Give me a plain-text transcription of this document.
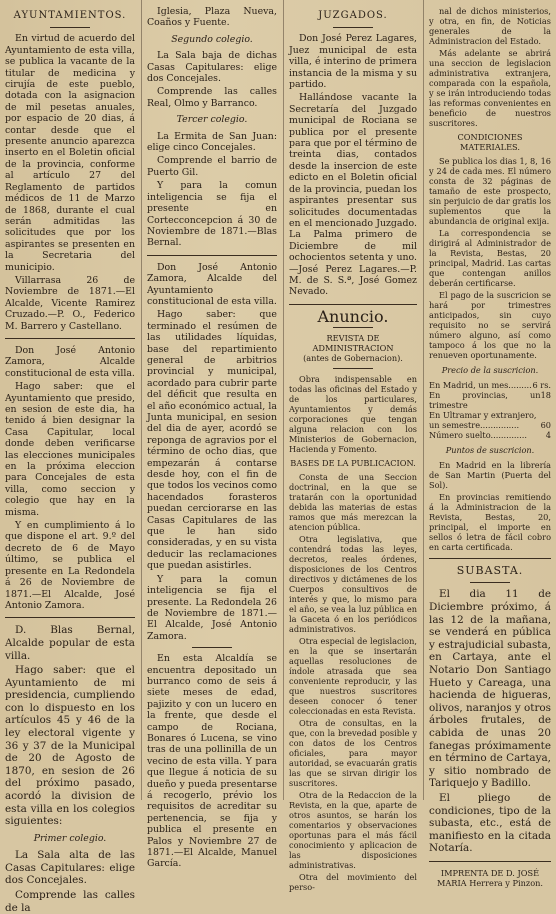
AYUNTAMIENTOS.

En virtud de acuerdo del Ayuntamiento de esta villa, se publica la vacante de la titular de medicina y cirujía de este pueblo, dotada con la asignacion de mil pesetas anuales, por espacio de 20 dias, á contar desde que el presente anuncio aparezca inserto en el Boletin oficial de la provincia, conforme al artículo 27 del Reglamento de partidos médicos de 11 de Marzo de 1868, durante el cual serán admitidas las solicitudes que por los aspirantes se presenten en la Secretaria del municipio.

Villarrasa 26 de Noviembre de 1871.—El Alcalde, Vicente Ramirez Cruzado.—P. O., Federico M. Barrero y Castellano.

Don José Antonio Zamora, Alcalde constitucional de esta villa.

Hago saber: que el Ayuntamiento que presido, en sesion de este dia, ha tenido á bien designar la Casa Capitular, local donde deben verificarse las elecciones municipales en la próxima eleccion para Concejales de esta villa, como seccion y colegio que hay en la misma.

Y en cumplimiento á lo que dispone el art. 9.º del decreto de 6 de Mayo último, se publica el presente en La Redondela á 26 de Noviembre de 1871.—El Alcalde, José Antonio Zamora.

D. Blas Bernal, Alcalde popular de esta villa.

Hago saber: que el Ayuntamiento de mi presidencia, cumpliendo con lo dispuesto en los artículos 45 y 46 de la ley electoral vigente y 36 y 37 de la Municipal de 20 de Agosto de 1870, en sesion de 26 del próximo pasado, acordó la division de esta villa en los colegios siguientes:

Primer colegio.

La Sala alta de las Casas Capitulares: elige dos Concejales.

Comprende las calles de la

Iglesia, Plaza Nueva, Coaños y Fuente.

Segundo colegio.

La Sala baja de dichas Casas Capitulares: elige dos Concejales.

Comprende las calles Real, Olmo y Barranco.

Tercer colegio.

La Ermita de San Juan: elige cinco Concejales.

Comprende el barrio de Puerto Gil.

Y para la comun inteligencia se fija el presente en Cortecconcepcion á 30 de Noviembre de 1871.—Blas Bernal.

Don José Antonio Zamora, Alcalde del Ayuntamiento constitucional de esta villa.

Hago saber: que terminado el resúmen de las utilidades líquidas, base del repartimiento general de arbitrios provincial y municipal, acordado para cubrir parte del déficit que resulta en el año económico actual, la Junta municipal, en sesion del dia de ayer, acordó se reponga de agravios por el término de ocho dias, que empezarán á contarse desde hoy, con el fin de que todos los vecinos como hacendados forasteros puedan cerciorarse en las Casas Capitulares de las que le han sido consideradas, y en su vista deducir las reclamaciones que puedan asistirles.

Y para la comun inteligencia se fija el presente. La Redondela 26 de Noviembre de 1871.—El Alcalde, José Antonio Zamora.

En esta Alcaldía se encuentra depositado un burranco como de seis á siete meses de edad, pajizito y con un lucero en la frente, que desde el campo de Rociana, Bonares ó Lucena, se vino tras de una pollinilla de un vecino de esta villa. Y para que llegue á noticia de su dueño y pueda presentarse á recogerlo, prévio los requisitos de acreditar su pertenencia, se fija y publica el presente en Palos y Noviembre 27 de 1871.—El Alcalde, Manuel García.

JUZGADOS.

Don José Perez Lagares, Juez municipal de esta villa, é interino de primera instancia de la misma y su partido.

Hallándose vacante la Secretaría del Juzgado municipal de Rociana se publica por el presente para que por el término de treinta dias, contados desde la insercion de este edicto en el Boletin oficial de la provincia, puedan los aspirantes presentar sus solicitudes documentadas en el mencionado Juzgado. La Palma primero de Diciembre de mil ochocientos setenta y uno.—José Perez Lagares.—P. M. de S. S.ª, José Gomez Nevado.

Anuncio.
REVISTA DE ADMINISTRACION
(antes de Gobernacion).

Obra indispensable en todas las oficinas del Estado y de los particulares, Ayuntamientos y demás corporaciones que tengan alguna relacion con los Ministerios de Gobernacion, Hacienda y Fomento.

BASES DE LA PUBLICACION.

Consta de una Seccion doctrinal, en la que se tratarán con la oportunidad debida las materias de estas ramos que más merezcan la atencion pública.

Otra legislativa, que contendrá todas las leyes, decretos, reales órdenes, disposiciones de los Centros directivos y dictámenes de los Cuerpos consultivos de interés y que, lo mismo para el año, se vea la luz pública en la Gaceta ó en los periódicos administrativos.

Otra especial de legislacion, en la que se insertarán aquellas resoluciones de índole atrasada que sea conveniente reproducir, y las que nuestros suscritores deseen conocer ó tener coleccionadas en esta Revista.

Otra de consultas, en la que, con la brevedad posible y con datos de los Centros oficiales, para mayor autoridad, se evacuarán gratis las que se sirvan dirigir los suscritores.

Otra de la Redaccion de la Revista, en la que, aparte de otros asuntos, se harán los comentarios y observaciones oportunas para el más fácil conocimiento y aplicacion de las disposiciones administrativas.

Otra del movimiento del perso-

nal de dichos ministerios, y otra, en fin, de Noticias generales de la Administracion del Estado.

Más adelante se abrirá una seccion de legislacion administrativa extranjera, comparada con la española, y se irán introduciendo todas las reformas convenientes en beneficio de nuestros suscritores.

CONDICIONES MATERIALES.

Se publica los dias 1, 8, 16 y 24 de cada mes. El número consta de 32 páginas de tamaño de este prospecto, sin perjuicio de dar gratis los suplementos que la abundancia de original exija.

La correspondencia se dirigirá al Administrador de la Revista, Bestas, 20 principal, Madrid. Las cartas que contengan anillos deberán certificarse.

El pago de la suscricion se hará por trimestres anticipados, sin cuyo requisito no se servirá número alguno, así como tampoco á los que no la renueven oportunamente.

Precio de la suscricion.
En Madrid, un mes......... 6 rs.
En provincias, un trimestre
18
En Ultramar y extranjero,
un semestre...............	60
Número suelto.............. 4
Puntos de suscricion.

En Madrid en la librería de San Martin (Puerta del Sol).

En provincias remitiendo á la Administracion de la Revista, Bestas, 20, principal, el importe en sellos ó letra de fácil cobro en carta certificada.

SUBASTA.

El dia 11 de Diciembre próximo, á las 12 de la mañana, se venderá en pública y estrajudicial subasta, en Cartaya, ante el Notario Don Santiago Hueto y Careaga, una hacienda de higueras, olivos, naranjos y otros árboles frutales, de cabida de unas 20 fanegas próximamente en término de Cartaya, y sitio nombrado de Tariquejo y Badillo.

El pliego de condiciones, tipo de la subasta, etc., está de manifiesto en la citada Notaría.

IMPRENTA DE D. JOSÉ MARIA Herrera y Pinzon.
